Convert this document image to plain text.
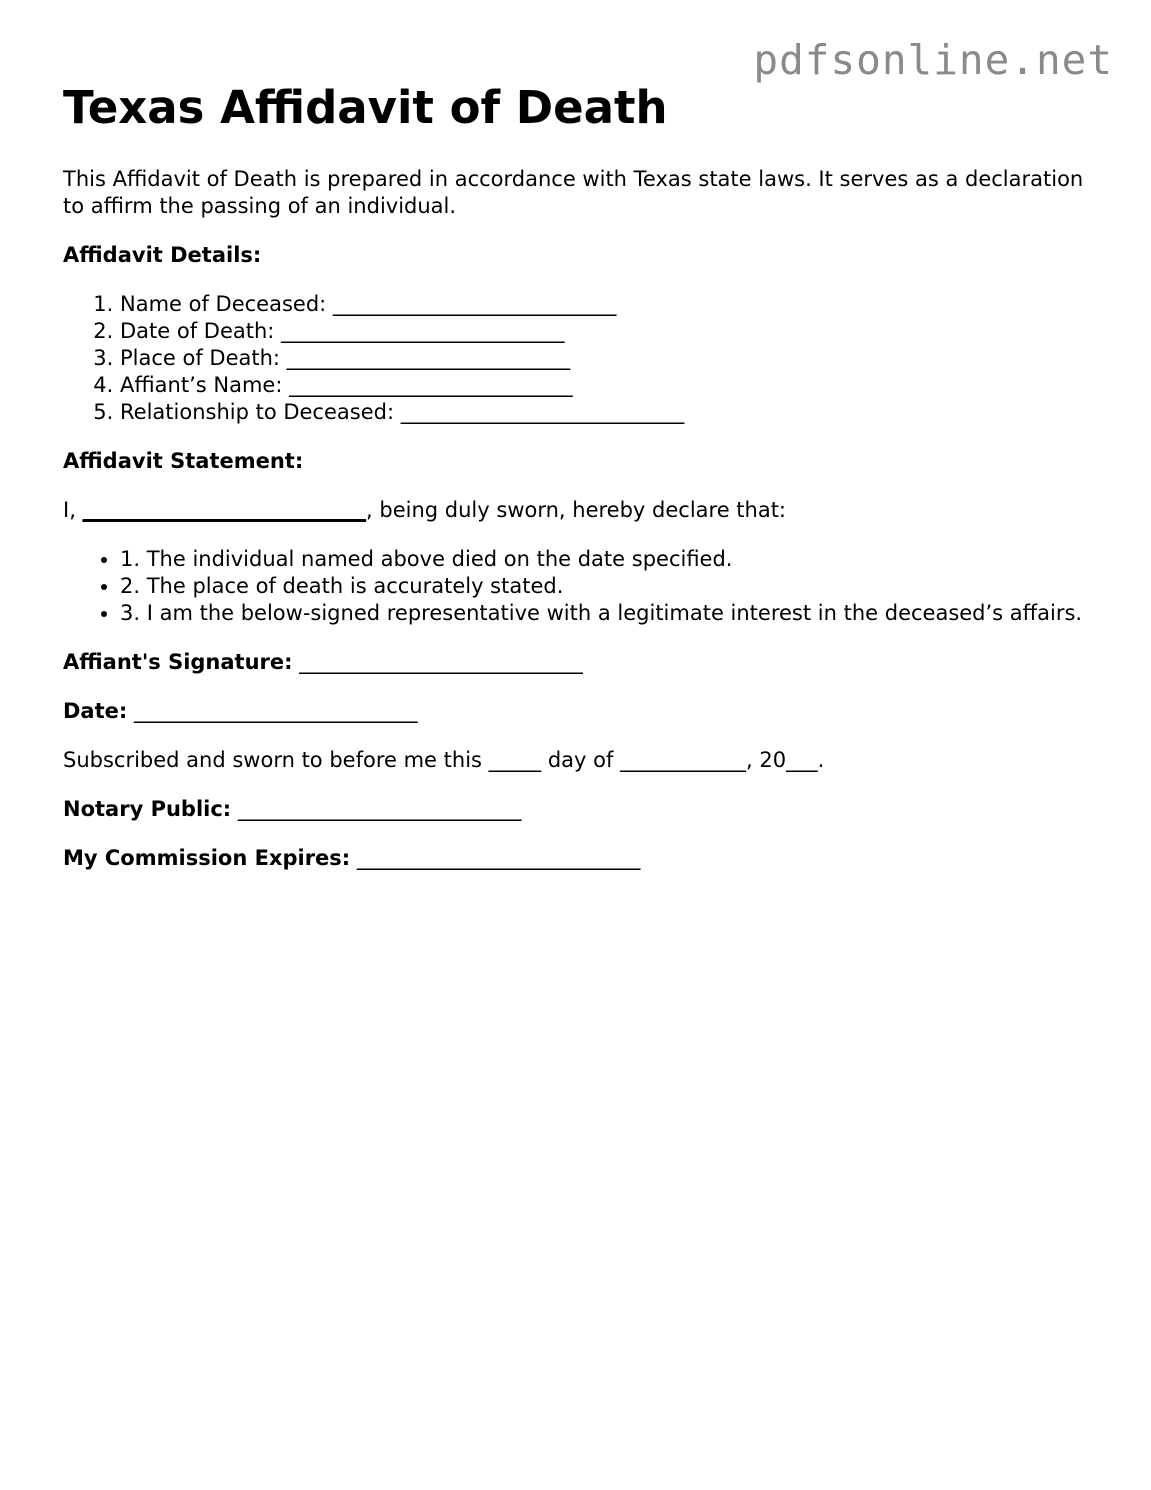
pdfsonline.net
Texas Affidavit of Death

This Affidavit of Death is prepared in accordance with Texas state laws. It serves as a declaration to affirm the passing of an individual.

Affidavit Details:

1. Name of Deceased: ___________________________
2. Date of Death: ___________________________
3. Place of Death: ___________________________
4. Affiant’s Name: ___________________________
5. Relationship to Deceased: ___________________________

Affidavit Statement:

I, ___________________________, being duly sworn, hereby declare that:

• 1. The individual named above died on the date specified.
• 2. The place of death is accurately stated.
• 3. I am the below-signed representative with a legitimate interest in the deceased’s affairs.

Affiant's Signature: ___________________________

Date: ___________________________

Subscribed and sworn to before me this _____ day of ____________, 20___.

Notary Public: ___________________________

My Commission Expires: ___________________________
